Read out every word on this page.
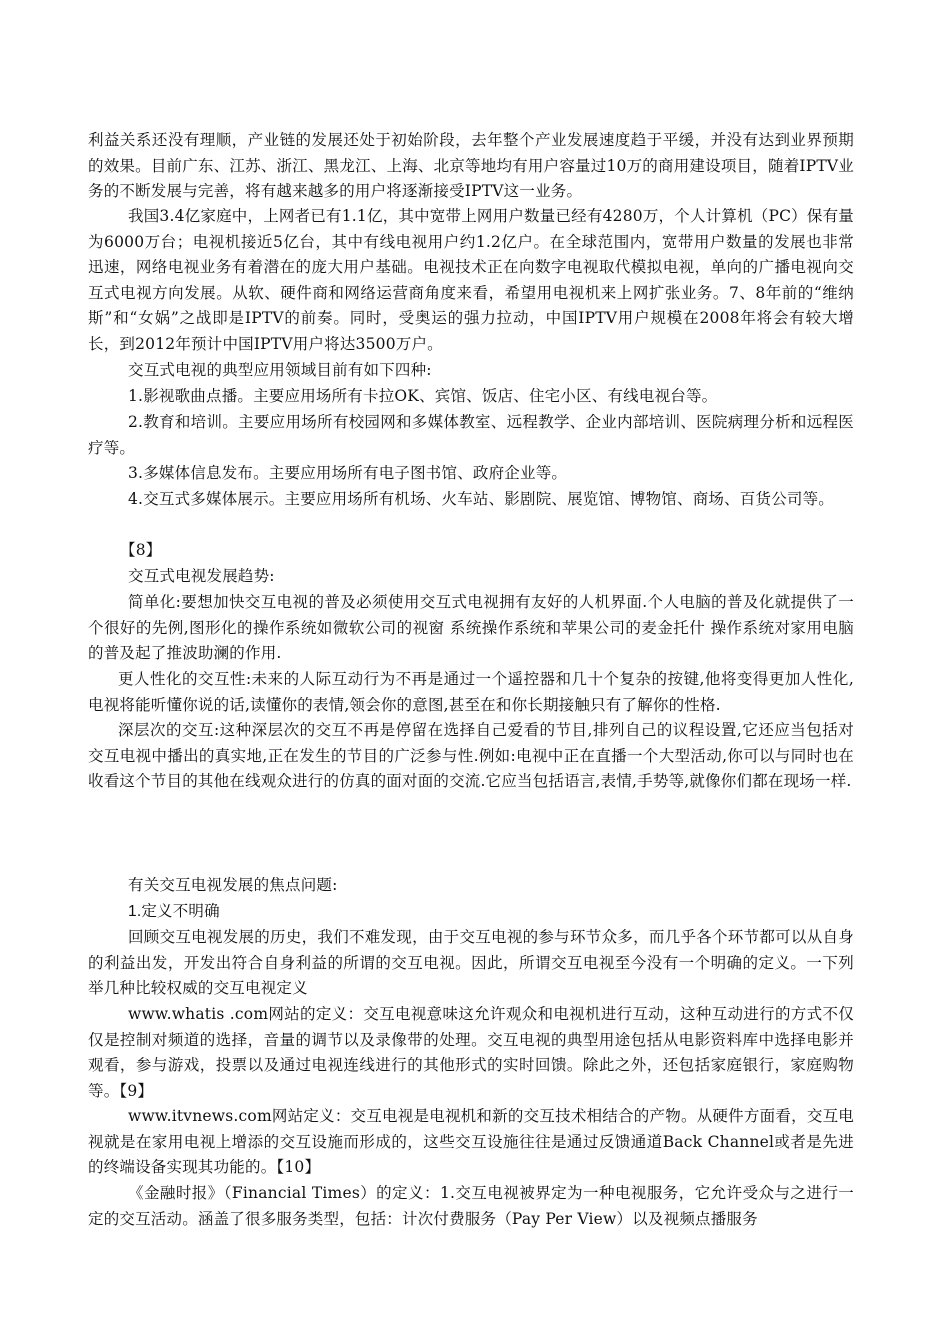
利益关系还没有理顺，产业链的发展还处于初始阶段，去年整个产业发展速度趋于平缓，并没有达到业界预期的效果。目前广东、江苏、浙江、黑龙江、上海、北京等地均有用户容量过10万的商用建设项目，随着IPTV业务的不断发展与完善，将有越来越多的用户将逐渐接受IPTV这一业务。

我国3.4亿家庭中，上网者已有1.1亿，其中宽带上网用户数量已经有4280万，个人计算机（PC）保有量为6000万台；电视机接近5亿台，其中有线电视用户约1.2亿户。在全球范围内，宽带用户数量的发展也非常迅速，网络电视业务有着潜在的庞大用户基础。电视技术正在向数字电视取代模拟电视，单向的广播电视向交互式电视方向发展。从软、硬件商和网络运营商角度来看，希望用电视机来上网扩张业务。7、8年前的“维纳斯”和“女娲”之战即是IPTV的前奏。同时，受奥运的强力拉动，中国IPTV用户规模在2008年将会有较大增长，到2012年预计中国IPTV用户将达3500万户。

交互式电视的典型应用领域目前有如下四种:

1.影视歌曲点播。主要应用场所有卡拉OK、宾馆、饭店、住宅小区、有线电视台等。

2.教育和培训。主要应用场所有校园网和多媒体教室、远程教学、企业内部培训、医院病理分析和远程医疗等。

3.多媒体信息发布。主要应用场所有电子图书馆、政府企业等。

4.交互式多媒体展示。主要应用场所有机场、火车站、影剧院、展览馆、博物馆、商场、百货公司等。

【8】

交互式电视发展趋势:

简单化:要想加快交互电视的普及必须使用交互式电视拥有友好的人机界面.个人电脑的普及化就提供了一个很好的先例,图形化的操作系统如微软公司的视窗 系统操作系统和苹果公司的麦金托什 操作系统对家用电脑的普及起了推波助澜的作用.

更人性化的交互性:未来的人际互动行为不再是通过一个遥控器和几十个复杂的按键,他将变得更加人性化,电视将能听懂你说的话,读懂你的表情,领会你的意图,甚至在和你长期接触只有了解你的性格.

深层次的交互:这种深层次的交互不再是停留在选择自己爱看的节目,排列自己的议程设置,它还应当包括对交互电视中播出的真实地,正在发生的节目的广泛参与性.例如:电视中正在直播一个大型活动,你可以与同时也在收看这个节目的其他在线观众进行的仿真的面对面的交流.它应当包括语言,表情,手势等,就像你们都在现场一样.

有关交互电视发展的焦点问题:

1.定义不明确

回顾交互电视发展的历史，我们不难发现，由于交互电视的参与环节众多，而几乎各个环节都可以从自身的利益出发，开发出符合自身利益的所谓的交互电视。因此，所谓交互电视至今没有一个明确的定义。一下列举几种比较权威的交互电视定义

www.whatis .com网站的定义：交互电视意味这允许观众和电视机进行互动，这种互动进行的方式不仅仅是控制对频道的选择，音量的调节以及录像带的处理。交互电视的典型用途包括从电影资料库中选择电影并观看，参与游戏，投票以及通过电视连线进行的其他形式的实时回馈。除此之外，还包括家庭银行，家庭购物等。【9】

www.itvnews.com网站定义：交互电视是电视机和新的交互技术相结合的产物。从硬件方面看，交互电视就是在家用电视上增添的交互设施而形成的，这些交互设施往往是通过反馈通道Back Channel或者是先进的终端设备实现其功能的。【10】

《金融时报》（Financial Times）的定义：1.交互电视被界定为一种电视服务，它允许受众与之进行一定的交互活动。涵盖了很多服务类型，包括：计次付费服务（Pay Per View）以及视频点播服务
